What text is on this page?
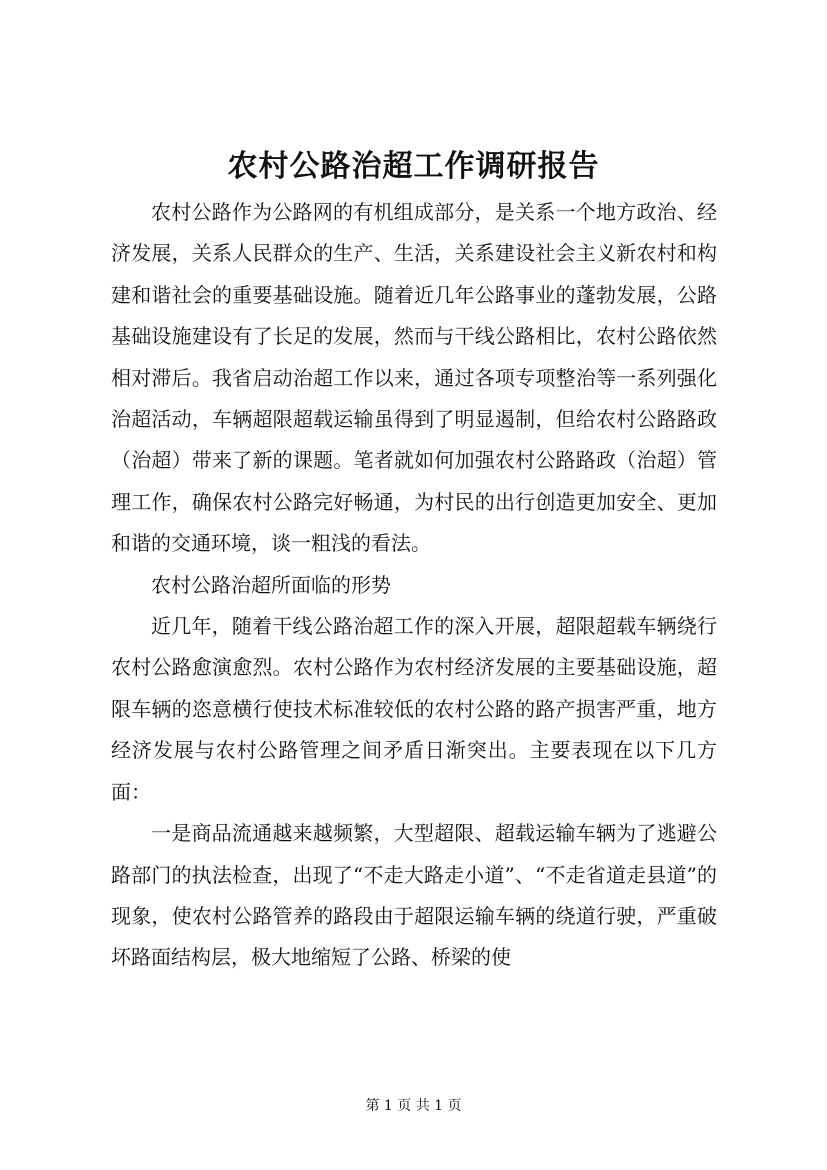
农村公路治超工作调研报告

农村公路作为公路网的有机组成部分，是关系一个地方政治、经济发展，关系人民群众的生产、生活，关系建设社会主义新农村和构建和谐社会的重要基础设施。随着近几年公路事业的蓬勃发展，公路基础设施建设有了长足的发展，然而与干线公路相比，农村公路依然相对滞后。我省启动治超工作以来，通过各项专项整治等一系列强化治超活动，车辆超限超载运输虽得到了明显遏制，但给农村公路路政（治超）带来了新的课题。笔者就如何加强农村公路路政（治超）管理工作，确保农村公路完好畅通，为村民的出行创造更加安全、更加和谐的交通环境，谈一粗浅的看法。

农村公路治超所面临的形势

近几年，随着干线公路治超工作的深入开展，超限超载车辆绕行农村公路愈演愈烈。农村公路作为农村经济发展的主要基础设施，超限车辆的恣意横行使技术标准较低的农村公路的路产损害严重，地方经济发展与农村公路管理之间矛盾日渐突出。主要表现在以下几方面：

一是商品流通越来越频繁，大型超限、超载运输车辆为了逃避公路部门的执法检查，出现了“不走大路走小道”、“不走省道走县道”的现象，使农村公路管养的路段由于超限运输车辆的绕道行驶，严重破坏路面结构层，极大地缩短了公路、桥梁的使

第 1 页 共 1 页
